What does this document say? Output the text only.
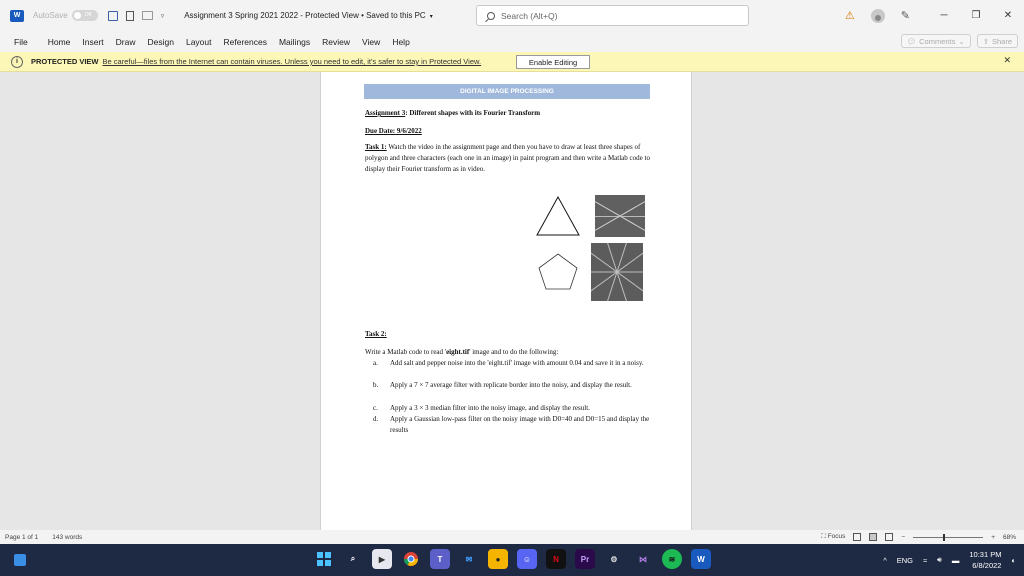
W	AutoSave	Off	▿	Assignment 3 Spring 2021 2022 - Protected View • Saved to this PC ▾	Search (Alt+Q)	⚠	✎	─	❐	✕
File	Home	Insert	Draw	Design	Layout	References	Mailings	Review	View	Help	💬︎ Comments ⌄ ⇪ Share
i	PROTECTED VIEW Be careful—files from the Internet can contain viruses. Unless you need to edit, it's safer to stay in Protected View.	Enable Editing	✕
DIGITAL IMAGE PROCESSING
Assignment 3: Different shapes with its Fourier Transform
Due Date: 9/6/2022
Task 1: Watch the video in the assignment page and then you have to draw at least three shapes of polygon and three characters (each one in an image) in paint program and then write a Matlab code to display their Fourier transform as in video.
Task 2:
Write a Matlab code to read 'eight.tif' image and to do the following:
a. Add salt and pepper noise into the 'eight.tif' image with amount 0.04 and save it in a noisy.
b. Apply a 7 × 7 average filter with replicate border into the noisy, and display the result.
c. Apply a 3 × 3 median filter into the noisy image, and display the result.
d. Apply a Gaussian low-pass filter on the noisy image with D0=40 and D0=15 and display the results
Page 1 of 1 143 words	⛶ Focus	−	+ 68%
⌕	▶	T	✉	●	☺	N	Pr	⚙	⋈	≋	W	^ ENG ≈ 🔊︎ ▬
10:31 PM
6/8/2022
◐
